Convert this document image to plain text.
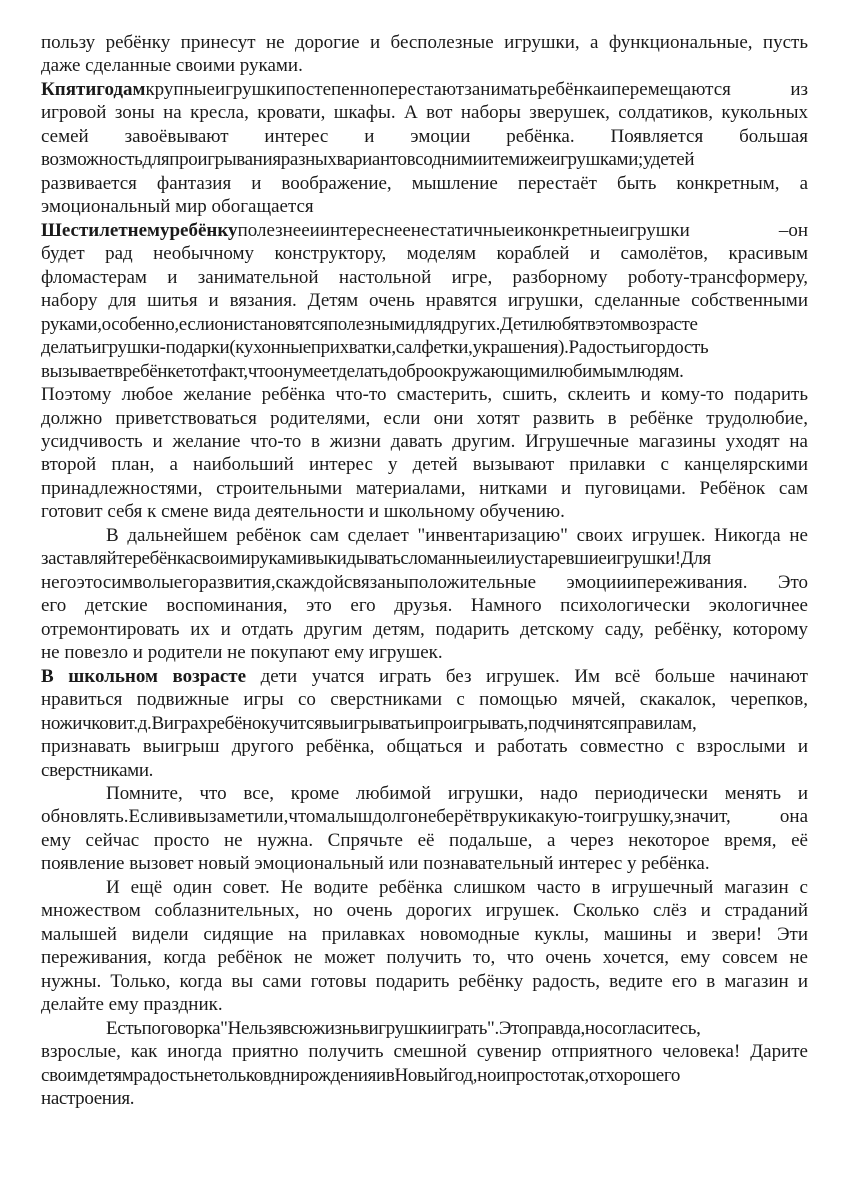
пользу ребёнку принесут не дорогие и бесполезные игрушки, а функциональные, пусть
даже сделанные своими руками.
Кпятигодамкрупныеигрушкипостепенноперестаютзаниматьребёнкаиперемещаются из
игровой зоны на кресла, кровати, шкафы. А вот наборы зверушек, солдатиков, кукольных
семей завоёвывают интерес и эмоции ребёнка. Появляется большая
возможностьдляпроигрыванияразныхвариантовсоднимиитемижеигрушками;удетей
развивается фантазия и воображение, мышление перестаёт быть конкретным, а
эмоциональный мир обогащается
Шестилетнемуребёнкуполезнееиинтереснеенестатичныеиконкретныеигрушки –он
будет рад необычному конструктору, моделям кораблей и самолётов, красивым
фломастерам и занимательной настольной игре, разборному роботу-трансформеру,
набору для шитья и вязания. Детям очень нравятся игрушки, сделанные собственными
руками,особенно,еслионистановятсяполезнымидлядругих.Детилюбятвэтомвозрасте
делатьигрушки-подарки(кухонныеприхватки,салфетки,украшения).Радостьигордость
вызываетвребёнкетотфакт,чтоонумеетделатьдоброокружающимилюбимымлюдям.
Поэтому любое желание ребёнка что-то смастерить, сшить, склеить и кому-то подарить
должно приветствоваться родителями, если они хотят развить в ребёнке трудолюбие,
усидчивость и желание что-то в жизни давать другим. Игрушечные магазины уходят на
второй план, а наибольший интерес у детей вызывают прилавки с канцелярскими
принадлежностями, строительными материалами, нитками и пуговицами. Ребёнок сам
готовит себя к смене вида деятельности и школьному обучению.
В дальнейшем ребёнок сам сделает "инвентаризацию" своих игрушек. Никогда не
заставляйтеребёнкасвоимирукамивыкидыватьсломанныеилиустаревшиеигрушки!Для
негоэтосимволыегоразвития,скаждойсвязаныположительные эмоцииипереживания. Это
его детские воспоминания, это его друзья. Намного психологически экологичнее
отремонтировать их и отдать другим детям, подарить детскому саду, ребёнку, которому
не повезло и родители не покупают ему игрушек.
В школьном возрасте дети учатся играть без игрушек. Им всё больше начинают
нравиться подвижные игры со сверстниками с помощью мячей, скакалок, черепков,
ножичковит.д.Виграхребёнокучитсявыигрыватьипроигрывать,подчинятсяправилам,
признавать выигрыш другого ребёнка, общаться и работать совместно с взрослыми и
сверстниками.
Помните, что все, кроме любимой игрушки, надо периодически менять и
обновлять.Еслививызаметили,чтомалышдолгонеберётврукикакую-тоигрушку,значит, она
ему сейчас просто не нужна. Спрячьте её подальше, а через некоторое время, её
появление вызовет новый эмоциональный или познавательный интерес у ребёнка.
И ещё один совет. Не водите ребёнка слишком часто в игрушечный магазин с
множеством соблазнительных, но очень дорогих игрушек. Сколько слёз и страданий
малышей видели сидящие на прилавках новомодные куклы, машины и звери! Эти
переживания, когда ребёнок не может получить то, что очень хочется, ему совсем не
нужны. Только, когда вы сами готовы подарить ребёнку радость, ведите его в магазин и
делайте ему праздник.
Естьпоговорка"Нельзявсюжизньвигрушкииграть".Этоправда,носогласитесь,
взрослые, как иногда приятно получить смешной сувенир отприятного человека! Дарите
своимдетямрадостьнетольковднирожденияивНовыйгод,ноипростотак,отхорошего
настроения.
